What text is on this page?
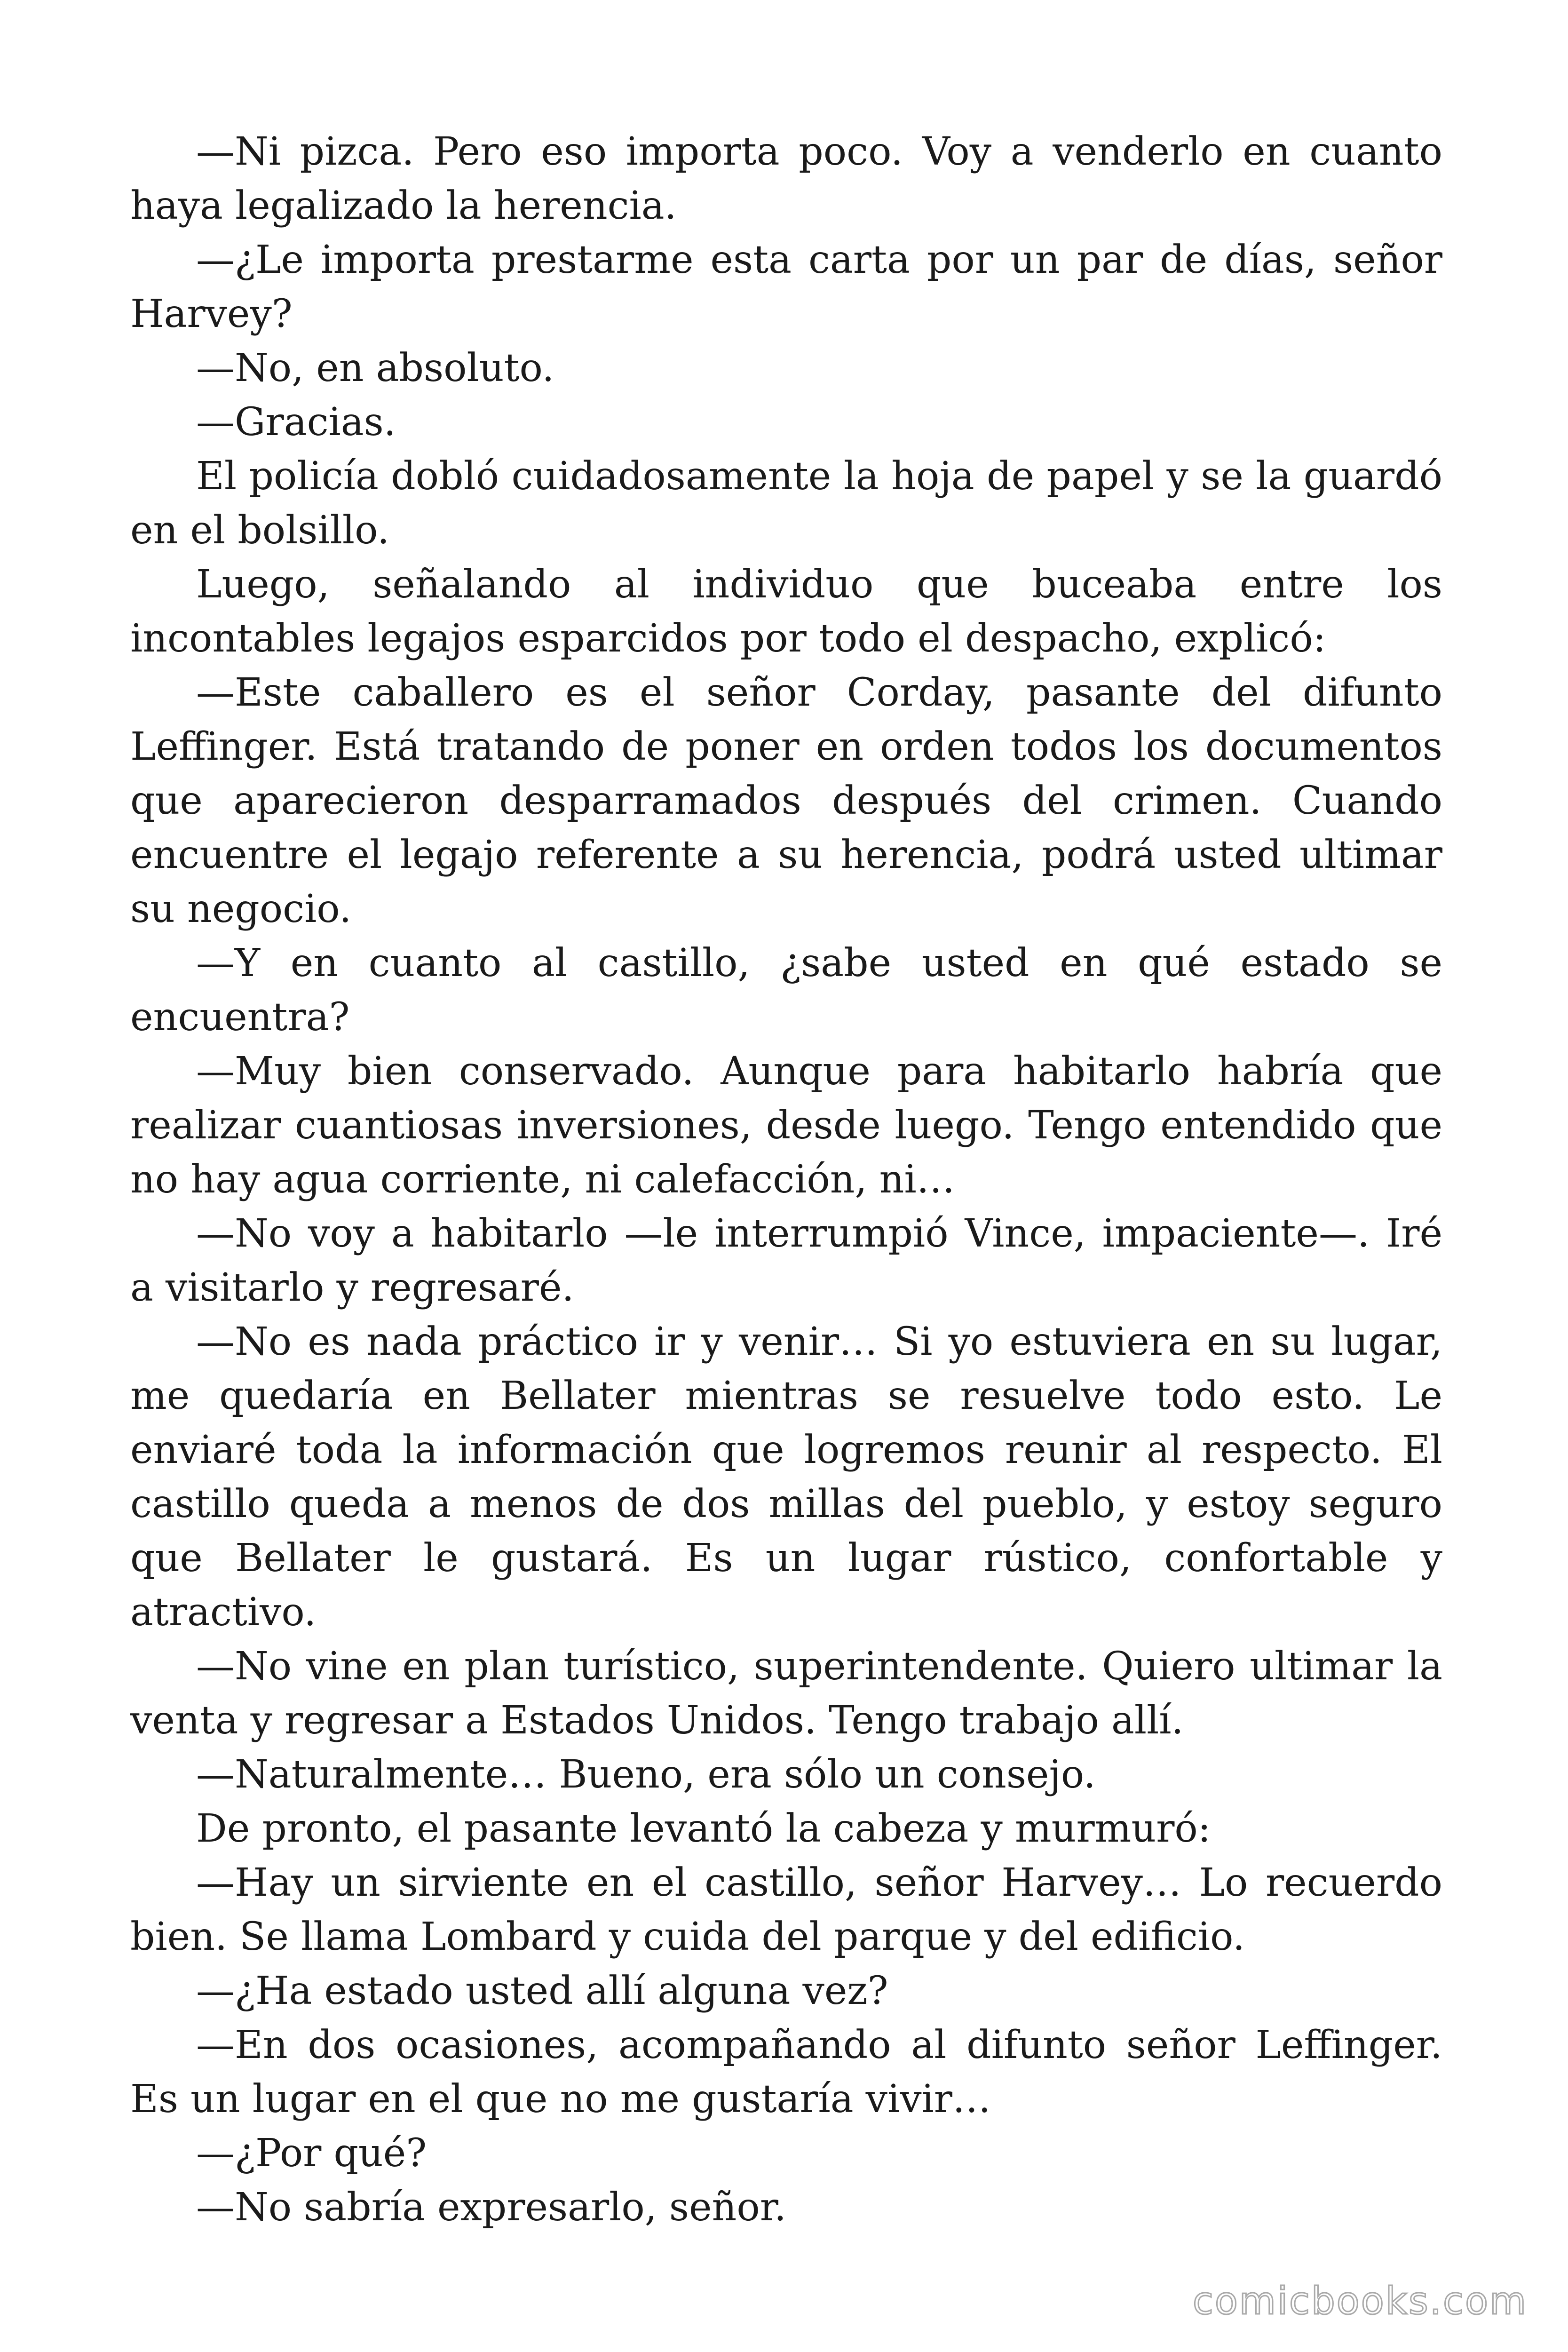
—Ni pizca. Pero eso importa poco. Voy a venderlo en cuanto haya legalizado la herencia.

—¿Le importa prestarme esta carta por un par de días, señor Harvey?

—No, en absoluto.

—Gracias.

El policía dobló cuidadosamente la hoja de papel y se la guardó en el bolsillo.

Luego, señalando al individuo que buceaba entre los incontables legajos esparcidos por todo el despacho, explicó:

—Este caballero es el señor Corday, pasante del difunto Leffinger. Está tratando de poner en orden todos los documentos que aparecieron desparramados después del crimen. Cuando encuentre el legajo referente a su herencia, podrá usted ultimar su negocio.

—Y en cuanto al castillo, ¿sabe usted en qué estado se encuentra?

—Muy bien conservado. Aunque para habitarlo habría que realizar cuantiosas inversiones, desde luego. Tengo entendido que no hay agua corriente, ni calefacción, ni…

—No voy a habitarlo —le interrumpió Vince, impaciente—. Iré a visitarlo y regresaré.

—No es nada práctico ir y venir… Si yo estuviera en su lugar, me quedaría en Bellater mientras se resuelve todo esto. Le enviaré toda la información que logremos reunir al respecto. El castillo queda a menos de dos millas del pueblo, y estoy seguro que Bellater le gustará. Es un lugar rústico, confortable y atractivo.

—No vine en plan turístico, superintendente. Quiero ultimar la venta y regresar a Estados Unidos. Tengo trabajo allí.

—Naturalmente… Bueno, era sólo un consejo.

De pronto, el pasante levantó la cabeza y murmuró:

—Hay un sirviente en el castillo, señor Harvey… Lo recuerdo bien. Se llama Lombard y cuida del parque y del edificio.

—¿Ha estado usted allí alguna vez?

—En dos ocasiones, acompañando al difunto señor Leffinger. Es un lugar en el que no me gustaría vivir…

—¿Por qué?

—No sabría expresarlo, señor.

comicbooks.com
